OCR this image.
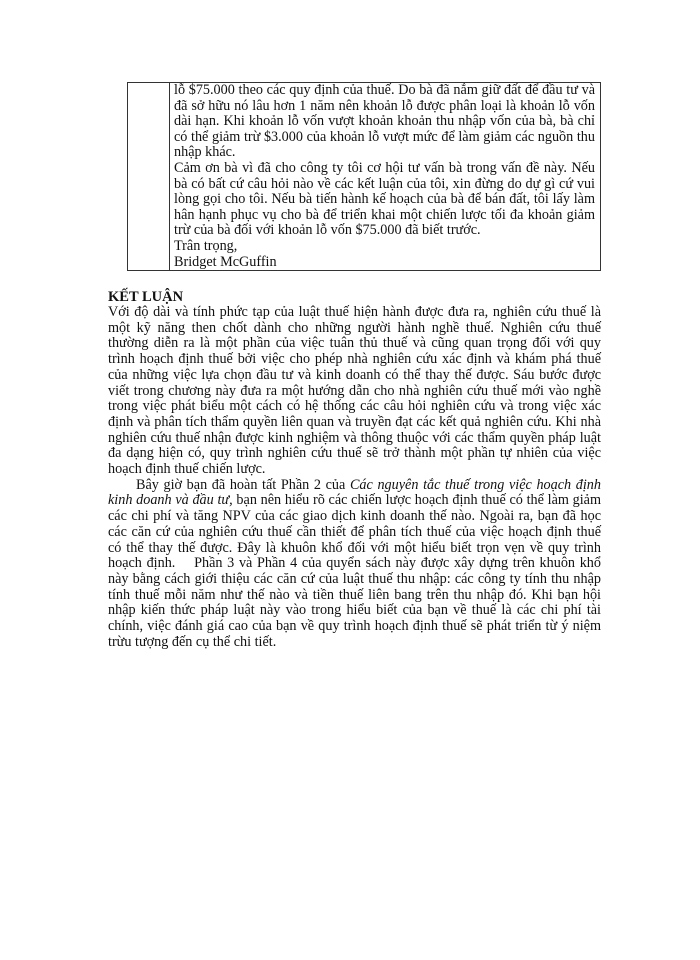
lỗ $75.000 theo các quy định của thuế. Do bà đã nắm giữ đất để đầu tư và
đã sở hữu nó lâu hơn 1 năm nên khoản lỗ được phân loại là khoản lỗ vốn
dài hạn. Khi khoản lỗ vốn vượt khoản khoản thu nhập vốn của bà, bà chỉ
có thể giảm trừ $3.000 của khoản lỗ vượt mức để làm giảm các nguồn thu
nhập khác.
Cảm ơn bà vì đã cho công ty tôi cơ hội tư vấn bà trong vấn đề này. Nếu
bà có bất cứ câu hỏi nào về các kết luận của tôi, xin đừng do dự gì cứ vui
lòng gọi cho tôi. Nếu bà tiến hành kế hoạch của bà để bán đất, tôi lấy làm
hân hạnh phục vụ cho bà để triển khai một chiến lược tối đa khoản giảm
trừ của bà đối với khoản lỗ vốn $75.000 đã biết trước.
Trân trọng,
Bridget McGuffin
KẾT LUẬN
Với độ dài và tính phức tạp của luật thuế hiện hành được đưa ra, nghiên cứu thuế là
một kỹ năng then chốt dành cho những người hành nghề thuế. Nghiên cứu thuế
thường diễn ra là một phần của việc tuân thủ thuế và cũng quan trọng đối với quy
trình hoạch định thuế bởi việc cho phép nhà nghiên cứu xác định và khám phá thuế
của những việc lựa chọn đầu tư và kinh doanh có thể thay thế được. Sáu bước được
viết trong chương này đưa ra một hướng dẫn cho nhà nghiên cứu thuế mới vào nghề
trong việc phát biểu một cách có hệ thống các câu hỏi nghiên cứu và trong việc xác
định và phân tích thẩm quyền liên quan và truyền đạt các kết quả nghiên cứu. Khi nhà
nghiên cứu thuế nhận được kinh nghiệm và thông thuộc với các thẩm quyền pháp luật
đa dạng hiện có, quy trình nghiên cứu thuế sẽ trở thành một phần tự nhiên của việc
hoạch định thuế chiến lược.
Bây giờ bạn đã hoàn tất Phần 2 của Các nguyên tắc thuế trong việc hoạch định
kinh doanh và đầu tư, bạn nên hiểu rõ các chiến lược hoạch định thuế có thể làm giảm
các chi phí và tăng NPV của các giao dịch kinh doanh thế nào. Ngoài ra, bạn đã học
các căn cứ của nghiên cứu thuế cần thiết để phân tích thuế của việc hoạch định thuế
có thể thay thế được. Đây là khuôn khổ đối với một hiểu biết trọn vẹn về quy trình
hoạch định.    Phần 3 và Phần 4 của quyển sách này được xây dựng trên khuôn khổ
này bằng cách giới thiệu các căn cứ của luật thuế thu nhập: các công ty tính thu nhập
tính thuế mỗi năm như thế nào và tiền thuế liên bang trên thu nhập đó. Khi bạn hội
nhập kiến thức pháp luật này vào trong hiểu biết của bạn về thuế là các chi phí tài
chính, việc đánh giá cao của bạn về quy trình hoạch định thuế sẽ phát triển từ ý niệm
trừu tượng đến cụ thể chi tiết.
